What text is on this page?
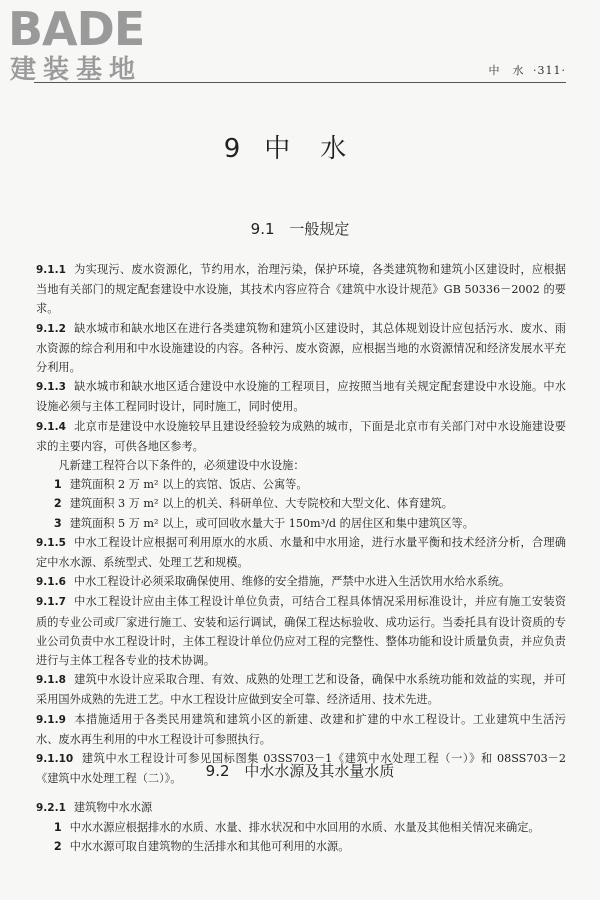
BADE
建装基地	中　水 ·311·
9 中水
9.1 一般规定

9.1.1 为实现污、废水资源化，节约用水，治理污染，保护环境，各类建筑物和建筑小区建设时，应根据当地有关部门的规定配套建设中水设施，其技术内容应符合《建筑中水设计规范》GB 50336－2002 的要求。

9.1.2 缺水城市和缺水地区在进行各类建筑物和建筑小区建设时，其总体规划设计应包括污水、废水、雨水资源的综合利用和中水设施建设的内容。各种污、废水资源，应根据当地的水资源情况和经济发展水平充分利用。

9.1.3 缺水城市和缺水地区适合建设中水设施的工程项目，应按照当地有关规定配套建设中水设施。中水设施必须与主体工程同时设计，同时施工，同时使用。

9.1.4 北京市是建设中水设施较早且建设经验较为成熟的城市，下面是北京市有关部门对中水设施建设要求的主要内容，可供各地区参考。

凡新建工程符合以下条件的，必须建设中水设施：

1 建筑面积 2 万 m² 以上的宾馆、饭店、公寓等。

2 建筑面积 3 万 m² 以上的机关、科研单位、大专院校和大型文化、体育建筑。

3 建筑面积 5 万 m² 以上，或可回收水量大于 150m³/d 的居住区和集中建筑区等。

9.1.5 中水工程设计应根据可利用原水的水质、水量和中水用途，进行水量平衡和技术经济分析，合理确定中水水源、系统型式、处理工艺和规模。

9.1.6 中水工程设计必须采取确保使用、维修的安全措施，严禁中水进入生活饮用水给水系统。

9.1.7 中水工程设计应由主体工程设计单位负责，可结合工程具体情况采用标准设计，并应有施工安装资质的专业公司或厂家进行施工、安装和运行调试，确保工程达标验收、成功运行。当委托具有设计资质的专业公司负责中水工程设计时，主体工程设计单位仍应对工程的完整性、整体功能和设计质量负责，并应负责进行与主体工程各专业的技术协调。

9.1.8 建筑中水设计应采取合理、有效、成熟的处理工艺和设备，确保中水系统功能和效益的实现，并可采用国外成熟的先进工艺。中水工程设计应做到安全可靠、经济适用、技术先进。

9.1.9 本措施适用于各类民用建筑和建筑小区的新建、改建和扩建的中水工程设计。工业建筑中生活污水、废水再生利用的中水工程设计可参照执行。

9.1.10 建筑中水工程设计可参见国标图集 03SS703－1《建筑中水处理工程（一）》和 08SS703－2《建筑中水处理工程（二）》。	9.2 中水水源及其水量水质

9.2.1 建筑物中水水源

1 中水水源应根据排水的水质、水量、排水状况和中水回用的水质、水量及其他相关情况来确定。

2 中水水源可取自建筑物的生活排水和其他可利用的水源。
